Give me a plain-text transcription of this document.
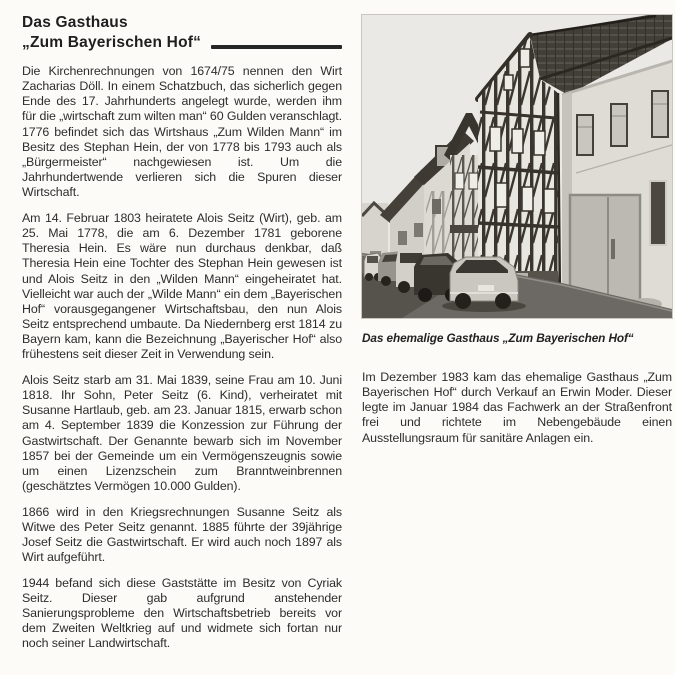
Das Gasthaus
„Zum Bayerischen Hof“

Die Kirchenrechnungen von 1674/75 nennen den Wirt Zacharias Döll. In einem Schatzbuch, das sicherlich gegen Ende des 17. Jahrhunderts angelegt wurde, werden ihm für die „wirtschaft zum wilten man“ 60 Gulden veranschlagt. 1776 befindet sich das Wirtshaus „Zum Wilden Mann“ im Besitz des Stephan Hein, der von 1778 bis 1793 auch als „Bürgermeister“ nachgewiesen ist. Um die Jahrhundertwende verlieren sich die Spuren dieser Wirtschaft.

Am 14. Februar 1803 heiratete Alois Seitz (Wirt), geb. am 25. Mai 1778, die am 6. Dezember 1781 geborene Theresia Hein. Es wäre nun durchaus denkbar, daß Theresia Hein eine Tochter des Stephan Hein gewesen ist und Alois Seitz in den „Wilden Mann“ eingeheiratet hat. Vielleicht war auch der „Wilde Mann“ ein dem „Bayerischen Hof“ vorausgegangener Wirtschaftsbau, den nun Alois Seitz entsprechend umbaute. Da Niedernberg erst 1814 zu Bayern kam, kann die Bezeichnung „Bayerischer Hof“ also frühestens seit dieser Zeit in Verwendung sein.

Alois Seitz starb am 31. Mai 1839, seine Frau am 10. Juni 1818. Ihr Sohn, Peter Seitz (6. Kind), verheiratet mit Susanne Hartlaub, geb. am 23. Januar 1815, erwarb schon am 4. September 1839 die Konzession zur Führung der Gastwirtschaft. Der Genannte bewarb sich im November 1857 bei der Gemeinde um ein Vermögenszeugnis sowie um einen Lizenzschein zum Branntweinbrennen (geschätztes Vermögen 10.000 Gulden).

1866 wird in den Kriegsrechnungen Susanne Seitz als Witwe des Peter Seitz genannt. 1885 führte der 39jährige Josef Seitz die Gastwirtschaft. Er wird auch noch 1897 als Wirt aufgeführt.

1944 befand sich diese Gaststätte im Besitz von Cyriak Seitz. Dieser gab aufgrund anstehender Sanierungsprobleme den Wirtschaftsbetrieb bereits vor dem Zweiten Weltkrieg auf und widmete sich fortan nur noch seiner Landwirtschaft.

Das ehemalige Gasthaus „Zum Bayerischen Hof“

Im Dezember 1983 kam das ehemalige Gasthaus „Zum Bayerischen Hof“ durch Verkauf an Erwin Moder. Dieser legte im Januar 1984 das Fachwerk an der Straßenfront frei und richtete im Nebengebäude einen Ausstellungsraum für sanitäre Anlagen ein.
